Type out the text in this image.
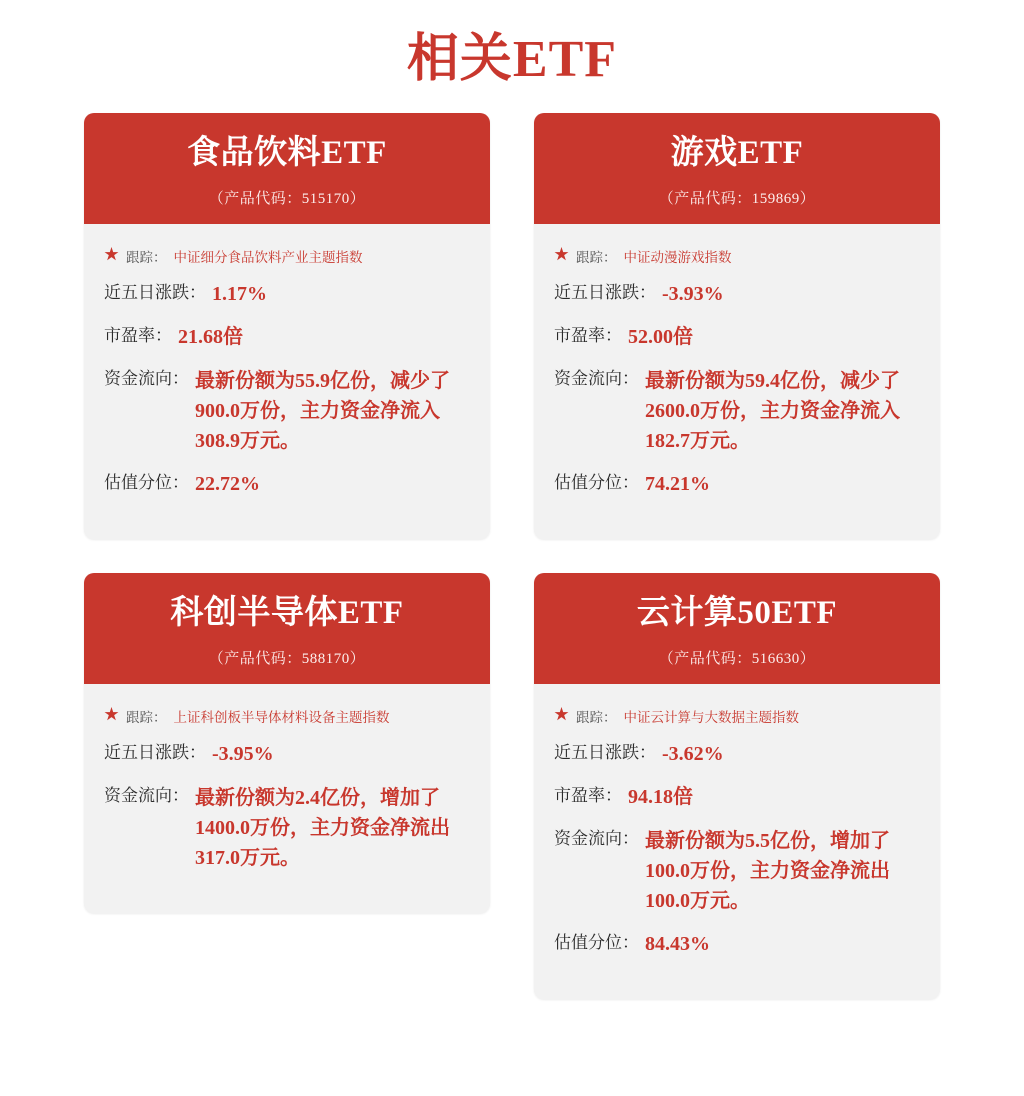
相关ETF
食品饮料ETF
（产品代码：515170）
★ 跟踪： 中证细分食品饮料产业主题指数
近五日涨跌： 1.17%
市盈率： 21.68倍
资金流向： 最新份额为55.9亿份，减少了900.0万份，主力资金净流入308.9万元。
估值分位： 22.72%
游戏ETF
（产品代码：159869）
★ 跟踪： 中证动漫游戏指数
近五日涨跌： -3.93%
市盈率： 52.00倍
资金流向： 最新份额为59.4亿份，减少了2600.0万份，主力资金净流入182.7万元。
估值分位： 74.21%
科创半导体ETF
（产品代码：588170）
★ 跟踪： 上证科创板半导体材料设备主题指数
近五日涨跌： -3.95%
资金流向： 最新份额为2.4亿份，增加了1400.0万份，主力资金净流出317.0万元。
云计算50ETF
（产品代码：516630）
★ 跟踪： 中证云计算与大数据主题指数
近五日涨跌： -3.62%
市盈率： 94.18倍
资金流向： 最新份额为5.5亿份，增加了100.0万份，主力资金净流出100.0万元。
估值分位： 84.43%
